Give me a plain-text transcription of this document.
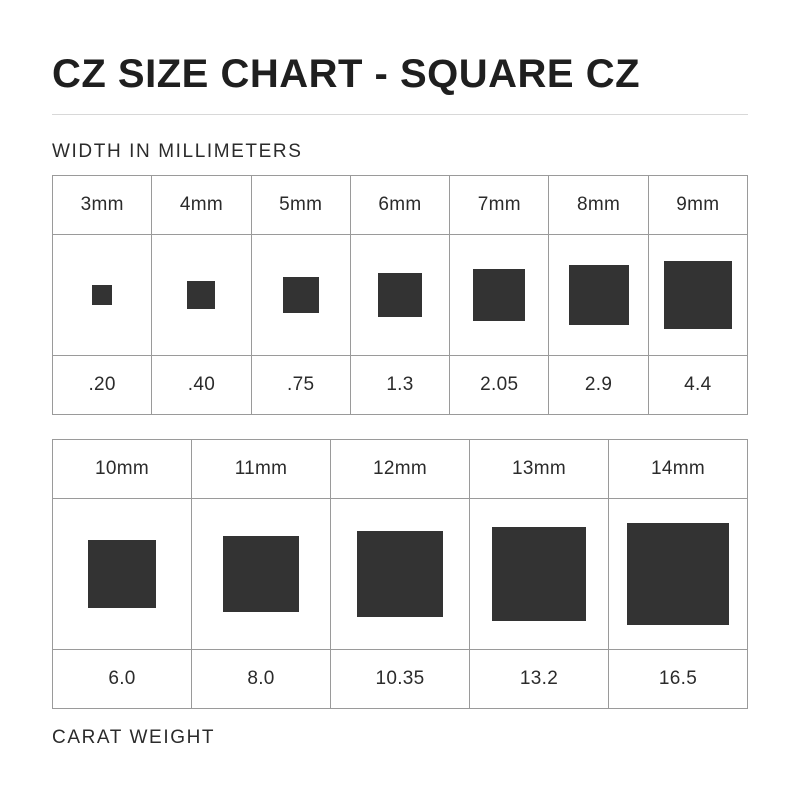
CZ SIZE CHART - SQUARE CZ
WIDTH IN MILLIMETERS
3mm	4mm	5mm	6mm	7mm	8mm	9mm

.20	.40	.75	1.3	2.05	2.9	4.4
10mm	11mm	12mm	13mm	14mm

6.0	8.0	10.35	13.2	16.5
CARAT WEIGHT
